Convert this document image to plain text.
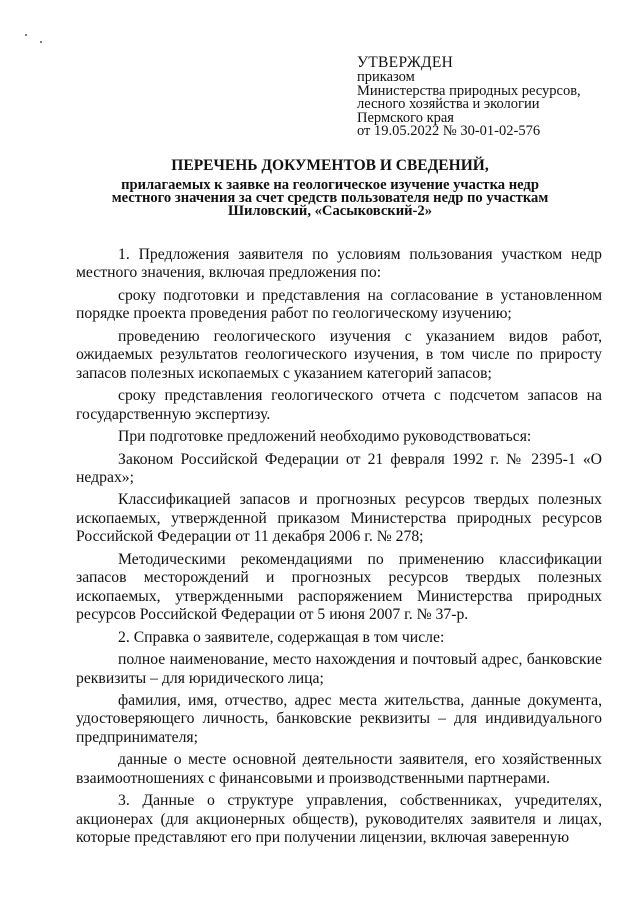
УТВЕРЖДЕН
приказом
Министерства природных ресурсов,
лесного хозяйства и экологии
Пермского края
от 19.05.2022 № 30-01-02-576
ПЕРЕЧЕНЬ ДОКУМЕНТОВ И СВЕДЕНИЙ,
прилагаемых к заявке на геологическое изучение участка недр
местного значения за счет средств пользователя недр по участкам
Шиловский, «Сасыковский-2»

1. Предложения заявителя по условиям пользования участком недр местного значения, включая предложения по:

сроку подготовки и представления на согласование в установленном порядке проекта проведения работ по геологическому изучению;

проведению геологического изучения с указанием видов работ, ожидаемых результатов геологического изучения, в том числе по приросту запасов полезных ископаемых с указанием категорий запасов;

сроку представления геологического отчета с подсчетом запасов на государственную экспертизу.

При подготовке предложений необходимо руководствоваться:

Законом Российской Федерации от 21 февраля 1992 г. № 2395-1 «О недрах»;

Классификацией запасов и прогнозных ресурсов твердых полезных ископаемых, утвержденной приказом Министерства природных ресурсов Российской Федерации от 11 декабря 2006 г. № 278;

Методическими рекомендациями по применению классификации запасов месторождений и прогнозных ресурсов твердых полезных ископаемых, утвержденными распоряжением Министерства природных ресурсов Российской Федерации от 5 июня 2007 г. № 37-р.

2. Справка о заявителе, содержащая в том числе:

полное наименование, место нахождения и почтовый адрес, банковские реквизиты – для юридического лица;

фамилия, имя, отчество, адрес места жительства, данные документа, удостоверяющего личность, банковские реквизиты – для индивидуального предпринимателя;

данные о месте основной деятельности заявителя, его хозяйственных взаимоотношениях с финансовыми и производственными партнерами.

3. Данные о структуре управления, собственниках, учредителях, акционерах (для акционерных обществ), руководителях заявителя и лицах, которые представляют его при получении лицензии, включая заверенную
